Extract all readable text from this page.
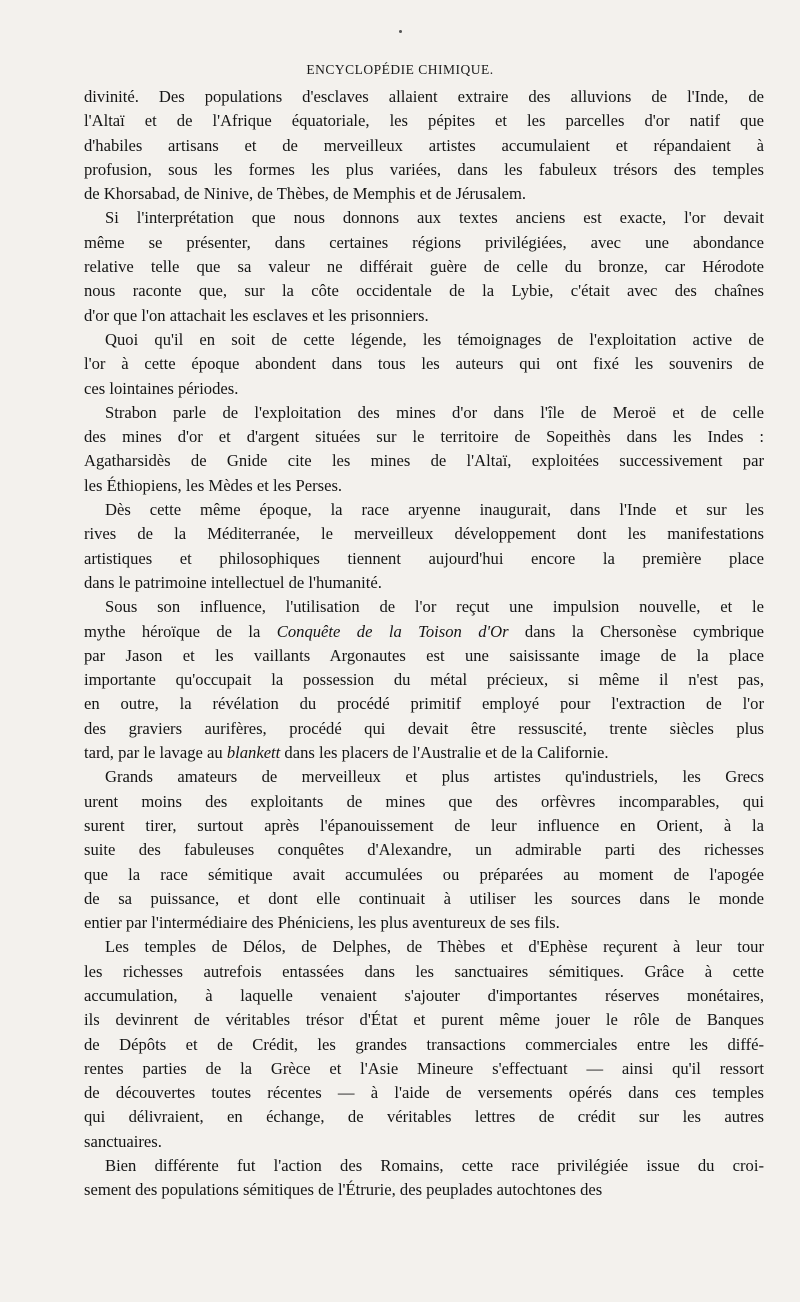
ENCYCLOPÉDIE CHIMIQUE.
divinité. Des populations d'esclaves allaient extraire des alluvions de l'Inde, de
l'Altaï et de l'Afrique équatoriale, les pépites et les parcelles d'or natif que
d'habiles artisans et de merveilleux artistes accumulaient et répandaient à
profusion, sous les formes les plus variées, dans les fabuleux trésors des temples
de Khorsabad, de Ninive, de Thèbes, de Memphis et de Jérusalem.
Si l'interprétation que nous donnons aux textes anciens est exacte, l'or devait
même se présenter, dans certaines régions privilégiées, avec une abondance
relative telle que sa valeur ne différait guère de celle du bronze, car Hérodote
nous raconte que, sur la côte occidentale de la Lybie, c'était avec des chaînes
d'or que l'on attachait les esclaves et les prisonniers.
Quoi qu'il en soit de cette légende, les témoignages de l'exploitation active de
l'or à cette époque abondent dans tous les auteurs qui ont fixé les souvenirs de
ces lointaines périodes.
Strabon parle de l'exploitation des mines d'or dans l'île de Meroë et de celle
des mines d'or et d'argent situées sur le territoire de Sopeithès dans les Indes :
Agatharsidès de Gnide cite les mines de l'Altaï, exploitées successivement par
les Éthiopiens, les Mèdes et les Perses.
Dès cette même époque, la race aryenne inaugurait, dans l'Inde et sur les
rives de la Méditerranée, le merveilleux développement dont les manifestations
artistiques et philosophiques tiennent aujourd'hui encore la première place
dans le patrimoine intellectuel de l'humanité.
Sous son influence, l'utilisation de l'or reçut une impulsion nouvelle, et le
mythe héroïque de la Conquête de la Toison d'Or dans la Chersonèse cymbrique
par Jason et les vaillants Argonautes est une saisissante image de la place
importante qu'occupait la possession du métal précieux, si même il n'est pas,
en outre, la révélation du procédé primitif employé pour l'extraction de l'or
des graviers aurifères, procédé qui devait être ressuscité, trente siècles plus
tard, par le lavage au blankett dans les placers de l'Australie et de la Californie.
Grands amateurs de merveilleux et plus artistes qu'industriels, les Grecs
urent moins des exploitants de mines que des orfèvres incomparables, qui
surent tirer, surtout après l'épanouissement de leur influence en Orient, à la
suite des fabuleuses conquêtes d'Alexandre, un admirable parti des richesses
que la race sémitique avait accumulées ou préparées au moment de l'apogée
de sa puissance, et dont elle continuait à utiliser les sources dans le monde
entier par l'intermédiaire des Phéniciens, les plus aventureux de ses fils.
Les temples de Délos, de Delphes, de Thèbes et d'Ephèse reçurent à leur tour
les richesses autrefois entassées dans les sanctuaires sémitiques. Grâce à cette
accumulation, à laquelle venaient s'ajouter d'importantes réserves monétaires,
ils devinrent de véritables trésor d'État et purent même jouer le rôle de Banques
de Dépôts et de Crédit, les grandes transactions commerciales entre les diffé-
rentes parties de la Grèce et l'Asie Mineure s'effectuant — ainsi qu'il ressort
de découvertes toutes récentes — à l'aide de versements opérés dans ces temples
qui délivraient, en échange, de véritables lettres de crédit sur les autres
sanctuaires.
Bien différente fut l'action des Romains, cette race privilégiée issue du croi-
sement des populations sémitiques de l'Étrurie, des peuplades autochtones des
